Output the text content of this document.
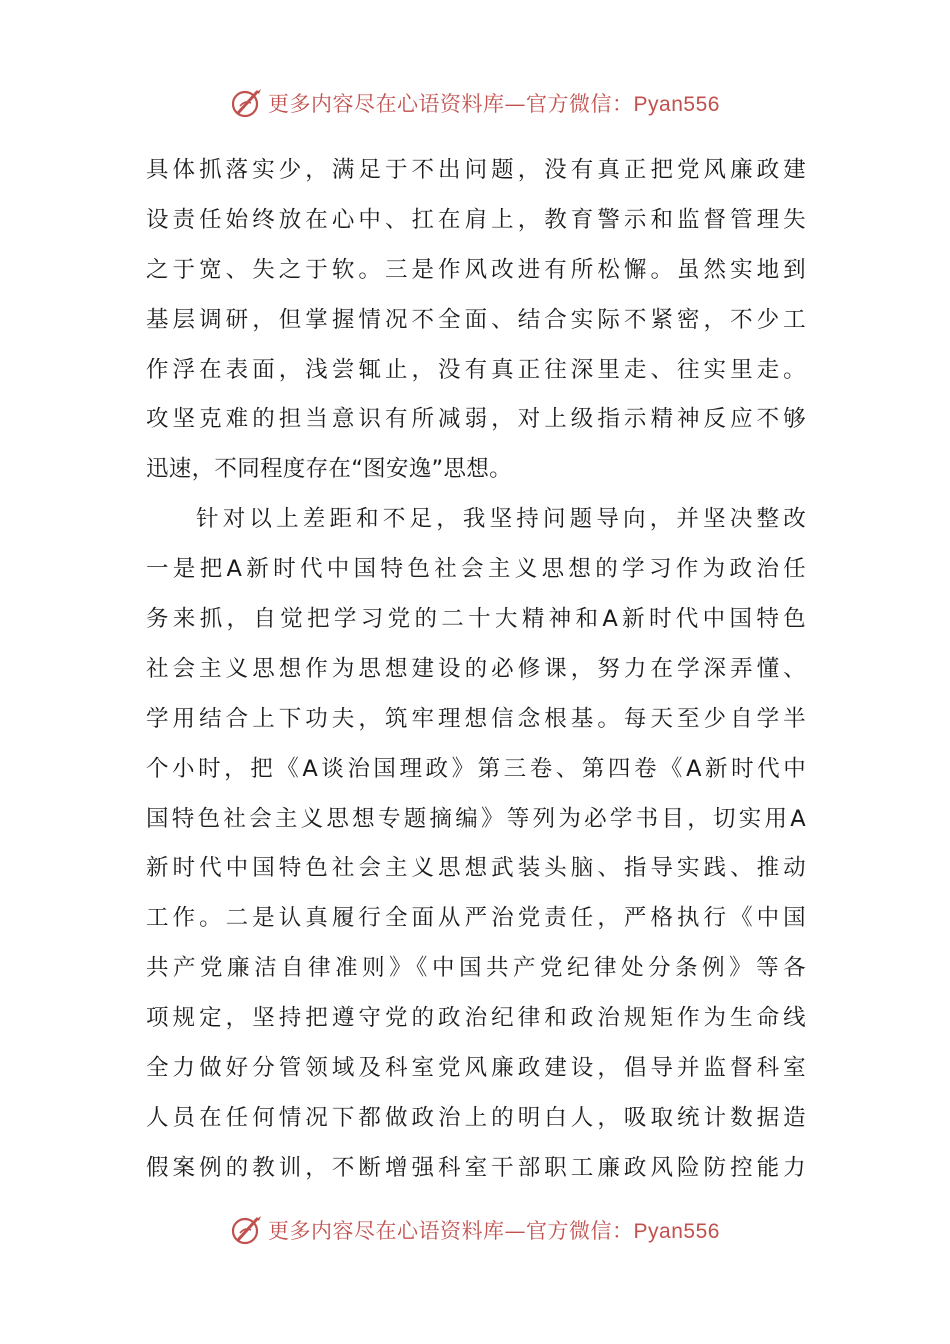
更多内容尽在心语资料库—官方微信：Pyan556
具体抓落实少，满足于不出问题，没有真正把党风廉政建
设责任始终放在心中、扛在肩上，教育警示和监督管理失
之于宽、失之于软。三是作风改进有所松懈。虽然实地到
基层调研，但掌握情况不全面、结合实际不紧密，不少工
作浮在表面，浅尝辄止，没有真正往深里走、往实里走。
攻坚克难的担当意识有所减弱，对上级指示精神反应不够
迅速，不同程度存在“图安逸”思想。
针对以上差距和不足，我坚持问题导向，并坚决整改
一是把A新时代中国特色社会主义思想的学习作为政治任
务来抓，自觉把学习党的二十大精神和A新时代中国特色
社会主义思想作为思想建设的必修课，努力在学深弄懂、
学用结合上下功夫，筑牢理想信念根基。每天至少自学半
个小时，把《A谈治国理政》第三卷、第四卷《A新时代中
国特色社会主义思想专题摘编》等列为必学书目，切实用A
新时代中国特色社会主义思想武装头脑、指导实践、推动
工作。二是认真履行全面从严治党责任，严格执行《中国
共产党廉洁自律准则》《中国共产党纪律处分条例》等各
项规定，坚持把遵守党的政治纪律和政治规矩作为生命线
全力做好分管领域及科室党风廉政建设，倡导并监督科室
人员在任何情况下都做政治上的明白人，吸取统计数据造
假案例的教训，不断增强科室干部职工廉政风险防控能力
更多内容尽在心语资料库—官方微信：Pyan556
